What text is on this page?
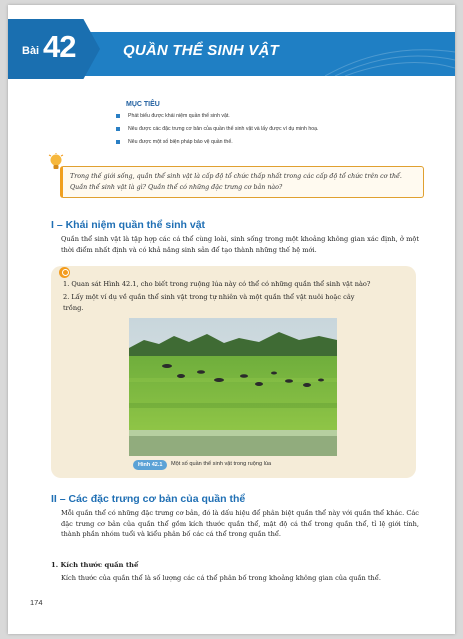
Bài 42	QUẦN THỂ SINH VẬT
MỤC TIÊU
Phát biểu được khái niệm quần thể sinh vật.
Nêu được các đặc trưng cơ bản của quần thể sinh vật và lấy được ví dụ minh hoạ.
Nêu được một số biện pháp bảo vệ quần thể.
Trong thế giới sống, quần thể sinh vật là cấp độ tổ chức thấp nhất trong các cấp độ tổ chức trên cơ thể. Quần thể sinh vật là gì? Quần thể có những đặc trưng cơ bản nào?
I – Khái niệm quần thể sinh vật
Quần thể sinh vật là tập hợp các cá thể cùng loài, sinh sống trong một khoảng không gian xác định, ở một thời điểm nhất định và có khả năng sinh sản để tạo thành những thế hệ mới.
1. Quan sát Hình 42.1, cho biết trong ruộng lúa này có thể có những quần thể sinh vật nào?
2. Lấy một ví dụ về quần thể sinh vật trong tự nhiên và một quần thể vật nuôi hoặc cây trồng.
Hình 42.1	Một số quần thể sinh vật trong ruộng lúa
II – Các đặc trưng cơ bản của quần thể
Mỗi quần thể có những đặc trưng cơ bản, đó là dấu hiệu để phân biệt quần thể này với quần thể khác. Các đặc trưng cơ bản của quần thể gồm kích thước quần thể, mật độ cá thể trong quần thể, tỉ lệ giới tính, thành phần nhóm tuổi và kiểu phân bố các cá thể trong quần thể.
1. Kích thước quần thể
Kích thước của quần thể là số lượng các cá thể phân bố trong khoảng không gian của quần thể.
174
